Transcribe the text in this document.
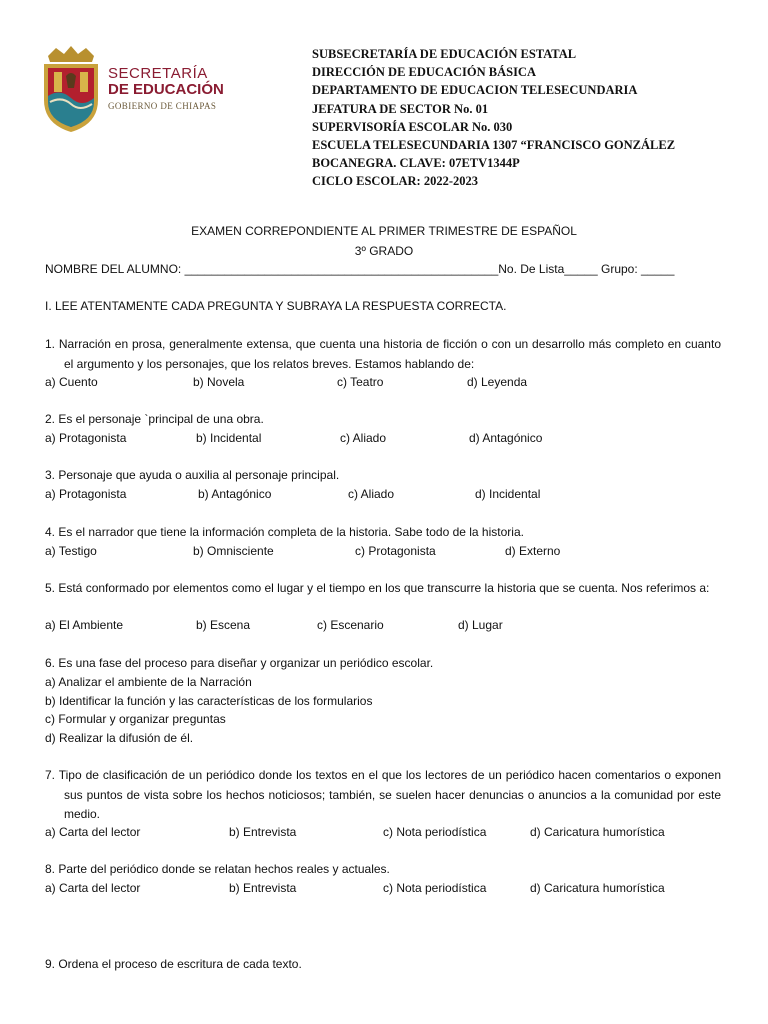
SECRETARÍA
DE EDUCACIÓN
GOBIERNO DE CHIAPAS
SUBSECRETARÍA DE EDUCACIÓN ESTATAL
DIRECCIÓN DE EDUCACIÓN BÁSICA
DEPARTAMENTO DE EDUCACION TELESECUNDARIA
JEFATURA DE SECTOR No. 01
SUPERVISORÍA ESCOLAR No. 030
ESCUELA TELESECUNDARIA 1307 “FRANCISCO GONZÁLEZ
BOCANEGRA. CLAVE: 07ETV1344P
CICLO ESCOLAR: 2022-2023
EXAMEN CORREPONDIENTE AL PRIMER TRIMESTRE DE ESPAÑOL
3º GRADO
NOMBRE DEL ALUMNO: _______________________________________________No. De Lista_____ Grupo: _____
I. LEE ATENTAMENTE CADA PREGUNTA Y SUBRAYA LA RESPUESTA CORRECTA.
1. Narración en prosa, generalmente extensa, que cuenta una historia de ficción o con un desarrollo más completo en cuanto el argumento y los personajes, que los relatos breves. Estamos hablando de:
a) Cuento	b) Novela	c) Teatro	d) Leyenda
2. Es el personaje `principal de una obra.
a) Protagonista	b) Incidental	c) Aliado	d) Antagónico
3. Personaje que ayuda o auxilia al personaje principal.
a) Protagonista	b) Antagónico	c) Aliado	d) Incidental
4. Es el narrador que tiene la información completa de la historia. Sabe todo de la historia.
a) Testigo	b) Omnisciente	c) Protagonista	d) Externo
5. Está conformado por elementos como el lugar y el tiempo en los que transcurre la historia que se cuenta. Nos referimos a:
a) El Ambiente	b) Escena	c) Escenario	d) Lugar
6. Es una fase del proceso para diseñar y organizar un periódico escolar.
a) Analizar el ambiente de la Narración
b) Identificar la función y las características de los formularios
c) Formular y organizar preguntas
d) Realizar la difusión de él.
7. Tipo de clasificación de un periódico donde los textos en el que los lectores de un periódico hacen comentarios o exponen sus puntos de vista sobre los hechos noticiosos; también, se suelen hacer denuncias o anuncios a la comunidad por este medio.
a) Carta del lector	b) Entrevista	c) Nota periodística	d) Caricatura humorística
8. Parte del periódico donde se relatan hechos reales y actuales.
a) Carta del lector	b) Entrevista	c) Nota periodística	d) Caricatura humorística
9. Ordena el proceso de escritura de cada texto.
